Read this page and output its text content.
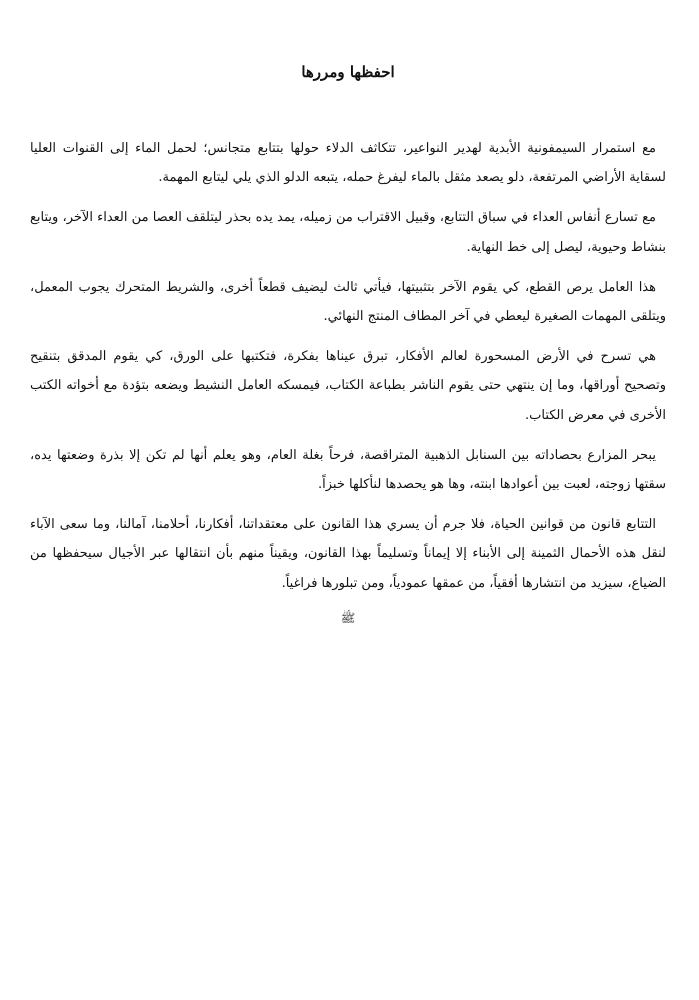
احفظها ومررها

مع استمرار السيمفونية الأبدية لهدير النواعير، تتكاثف الدلاء حولها بتتابع متجانس؛ لحمل الماء إلى القنوات العليا لسقاية الأراضي المرتفعة، دلو يصعد مثقل بالماء ليفرغ حمله، يتبعه الدلو الذي يلي ليتابع المهمة.

مع تسارع أنفاس العداء في سباق التتابع، وقبيل الاقتراب من زميله، يمد يده بحذر ليتلقف العصا من العداء الآخر، ويتابع بنشاط وحيوية، ليصل إلى خط النهاية.

هذا العامل يرص القطع، كي يقوم الآخر بتثبيتها، فيأتي ثالث ليضيف قطعاً أخرى، والشريط المتحرك يجوب المعمل، ويتلقى المهمات الصغيرة ليعطي في آخر المطاف المنتج النهائي.

هي تسرح في الأرض المسحورة لعالم الأفكار، تبرق عيناها بفكرة، فتكتبها على الورق، كي يقوم المدقق بتنقيح وتصحيح أوراقها، وما إن ينتهي حتى يقوم الناشر بطباعة الكتاب، فيمسكه العامل النشيط ويضعه بتؤدة مع أخواته الكتب الأخرى في معرض الكتاب.

يبحر المزارع بحصاداته بين السنابل الذهبية المتراقصة، فرحاً بغلة العام، وهو يعلم أنها لم تكن إلا بذرة وضعتها يده، سقتها زوجته، لعبت بين أعوادها ابنته، وها هو يحصدها لنأكلها خبزاً.

التتابع قانون من قوانين الحياة، فلا جرم أن يسري هذا القانون على معتقداتنا، أفكارنا، أحلامنا، آمالنا، وما سعى الآباء لنقل هذه الأحمال الثمينة إلى الأبناء إلا إيماناً وتسليماً بهذا القانون، ويقيناً منهم بأن انتقالها عبر الأجيال سيحفظها من الضياع، سيزيد من انتشارها أفقياً، من عمقها عمودياً، ومن تبلورها فراغياً.

ﷺ
